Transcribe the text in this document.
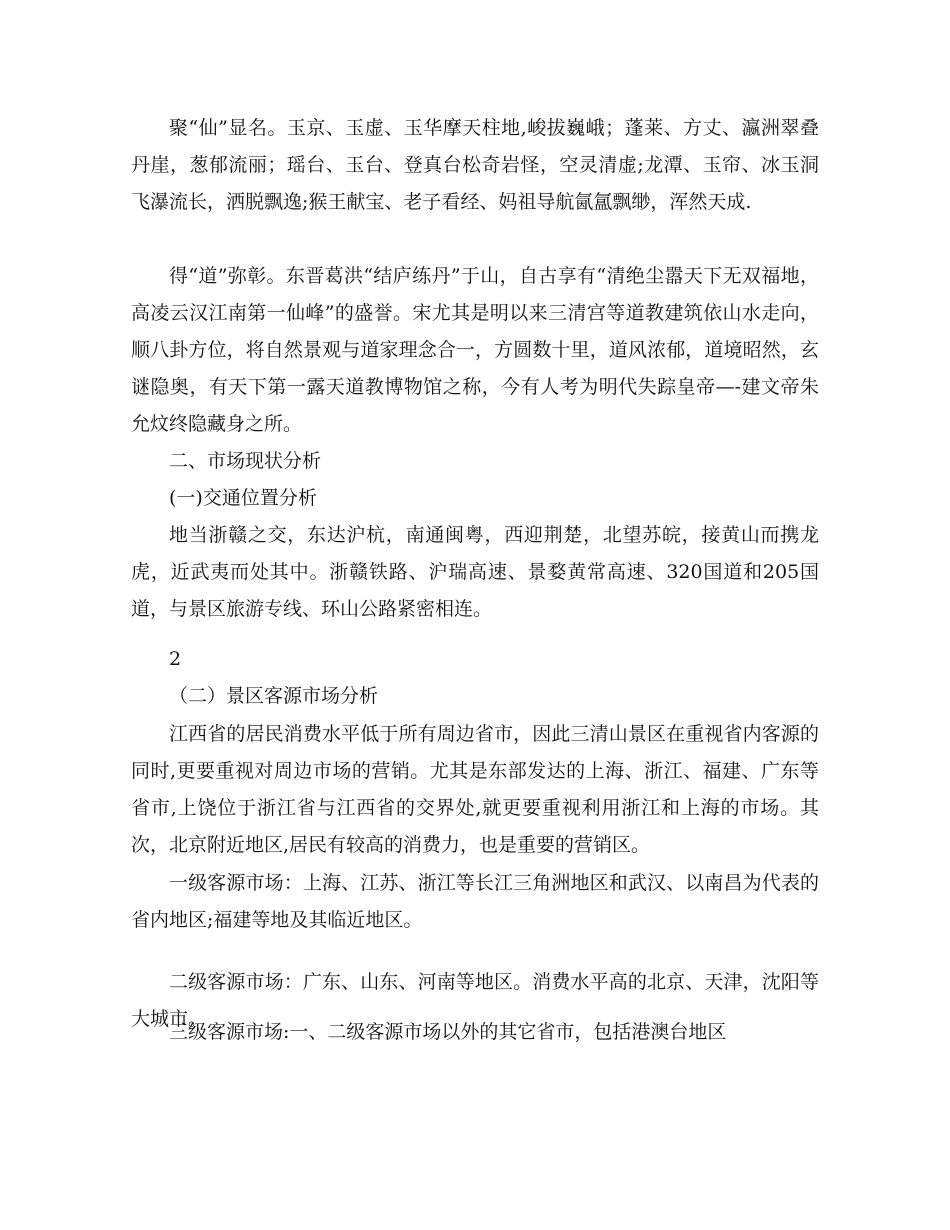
聚“仙”显名。玉京、玉虚、玉华摩天柱地,峻拔巍峨；蓬莱、方丈、瀛洲翠叠丹崖，葱郁流丽；瑶台、玉台、登真台松奇岩怪，空灵清虚;龙潭、玉帘、冰玉洞飞瀑流长，洒脱飘逸;猴王献宝、老子看经、妈祖导航氤氲飘缈，浑然天成.

得“道”弥彰。东晋葛洪“结庐练丹”于山，自古享有“清绝尘嚣天下无双福地，高凌云汉江南第一仙峰”的盛誉。宋尤其是明以来三清宫等道教建筑依山水走向，顺八卦方位，将自然景观与道家理念合一，方圆数十里，道风浓郁，道境昭然，玄谜隐奥，有天下第一露天道教博物馆之称，今有人考为明代失踪皇帝—-建文帝朱允炆终隐藏身之所。

二、市场现状分析

(一)交通位置分析

地当浙赣之交，东达沪杭，南通闽粤，西迎荆楚，北望苏皖，接黄山而携龙虎，近武夷而处其中。浙赣铁路、沪瑞高速、景婺黄常高速、320国道和205国道，与景区旅游专线、环山公路紧密相连。

2

（二）景区客源市场分析

江西省的居民消费水平低于所有周边省市，因此三清山景区在重视省内客源的同时,更要重视对周边市场的营销。尤其是东部发达的上海、浙江、福建、广东等省市,上饶位于浙江省与江西省的交界处,就更要重视利用浙江和上海的市场。其次，北京附近地区,居民有较高的消费力，也是重要的营销区。

一级客源市场：上海、江苏、浙江等长江三角洲地区和武汉、以南昌为代表的省内地区;福建等地及其临近地区。

二级客源市场：广东、山东、河南等地区。消费水平高的北京、天津，沈阳等大城市。

三级客源市场:一、二级客源市场以外的其它省市，包括港澳台地区
